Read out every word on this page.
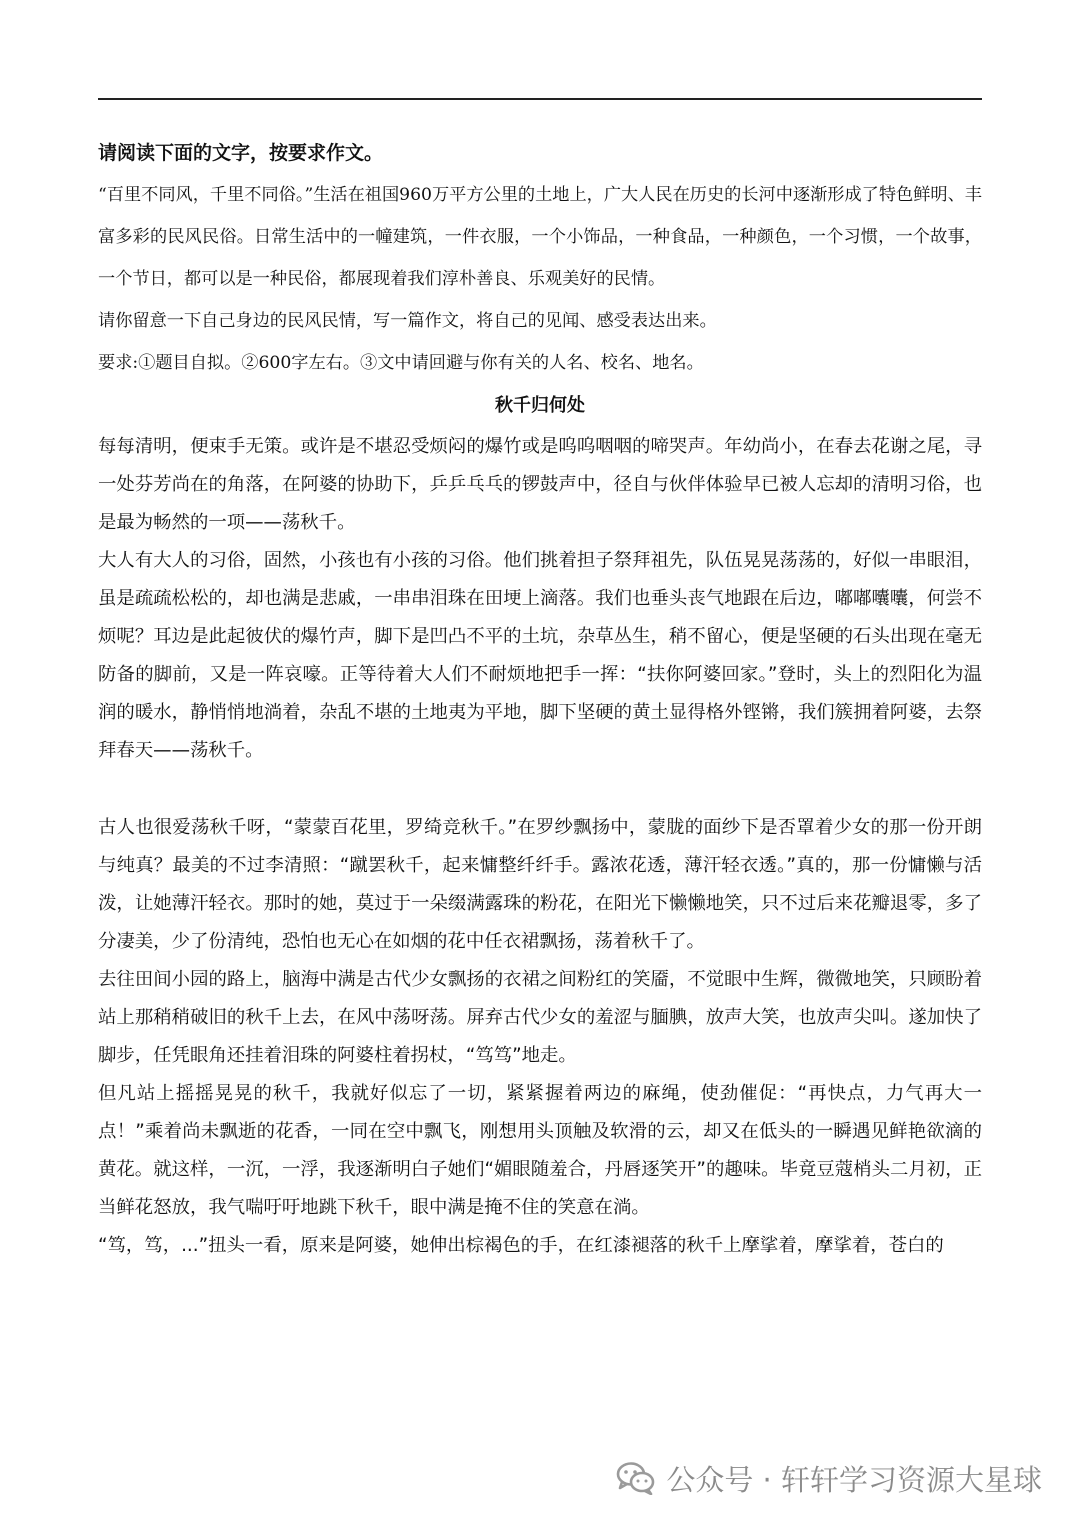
请阅读下面的文字，按要求作文。

“百里不同风，千里不同俗。”生活在祖国960万平方公里的土地上，广大人民在历史的长河中逐渐形成了特色鲜明、丰富多彩的民风民俗。日常生活中的一幢建筑，一件衣服，一个小饰品，一种食品，一种颜色，一个习惯，一个故事，一个节日，都可以是一种民俗，都展现着我们淳朴善良、乐观美好的民情。

请你留意一下自己身边的民风民情，写一篇作文，将自己的见闻、感受表达出来。

要求:①题目自拟。②600字左右。③文中请回避与你有关的人名、校名、地名。

秋千归何处

每每清明，便束手无策。或许是不堪忍受烦闷的爆竹或是呜呜咽咽的啼哭声。年幼尚小，在春去花谢之尾，寻一处芬芳尚在的角落，在阿婆的协助下，乒乒乓乓的锣鼓声中，径自与伙伴体验早已被人忘却的清明习俗，也是最为畅然的一项——荡秋千。

大人有大人的习俗，固然，小孩也有小孩的习俗。他们挑着担子祭拜祖先，队伍晃晃荡荡的，好似一串眼泪，虽是疏疏松松的，却也满是悲戚，一串串泪珠在田埂上滴落。我们也垂头丧气地跟在后边，嘟嘟囔囔，何尝不烦呢？耳边是此起彼伏的爆竹声，脚下是凹凸不平的土坑，杂草丛生，稍不留心，便是坚硬的石头出现在毫无防备的脚前，又是一阵哀嚎。正等待着大人们不耐烦地把手一挥：“扶你阿婆回家。”登时，头上的烈阳化为温润的暖水，静悄悄地淌着，杂乱不堪的土地夷为平地，脚下坚硬的黄土显得格外铿锵，我们簇拥着阿婆，去祭拜春天——荡秋千。

古人也很爱荡秋千呀，“蒙蒙百花里，罗绮竞秋千。”在罗纱飘扬中，蒙胧的面纱下是否罩着少女的那一份开朗与纯真？最美的不过李清照：“蹴罢秋千，起来慵整纤纤手。露浓花透，薄汗轻衣透。”真的，那一份慵懒与活泼，让她薄汗轻衣。那时的她，莫过于一朵缀满露珠的粉花，在阳光下懒懒地笑，只不过后来花瓣退零，多了分凄美，少了份清纯，恐怕也无心在如烟的花中任衣裙飘扬，荡着秋千了。

去往田间小园的路上，脑海中满是古代少女飘扬的衣裙之间粉红的笑靥，不觉眼中生辉，微微地笑，只顾盼着站上那稍稍破旧的秋千上去，在风中荡呀荡。屏弃古代少女的羞涩与腼腆，放声大笑，也放声尖叫。遂加快了脚步，任凭眼角还挂着泪珠的阿婆柱着拐杖，“笃笃”地走。

但凡站上摇摇晃晃的秋千，我就好似忘了一切，紧紧握着两边的麻绳，使劲催促：“再快点，力气再大一点！”乘着尚未飘逝的花香，一同在空中飘飞，刚想用头顶触及软滑的云，却又在低头的一瞬遇见鲜艳欲滴的黄花。就这样，一沉，一浮，我逐渐明白子她们“媚眼随羞合，丹唇逐笑开”的趣味。毕竟豆蔻梢头二月初，正当鲜花怒放，我气喘吁吁地跳下秋千，眼中满是掩不住的笑意在淌。

“笃，笃，...”扭头一看，原来是阿婆，她伸出棕褐色的手，在红漆褪落的秋千上摩挲着，摩挲着，苍白的

公众号 · 轩轩学习资源大星球
